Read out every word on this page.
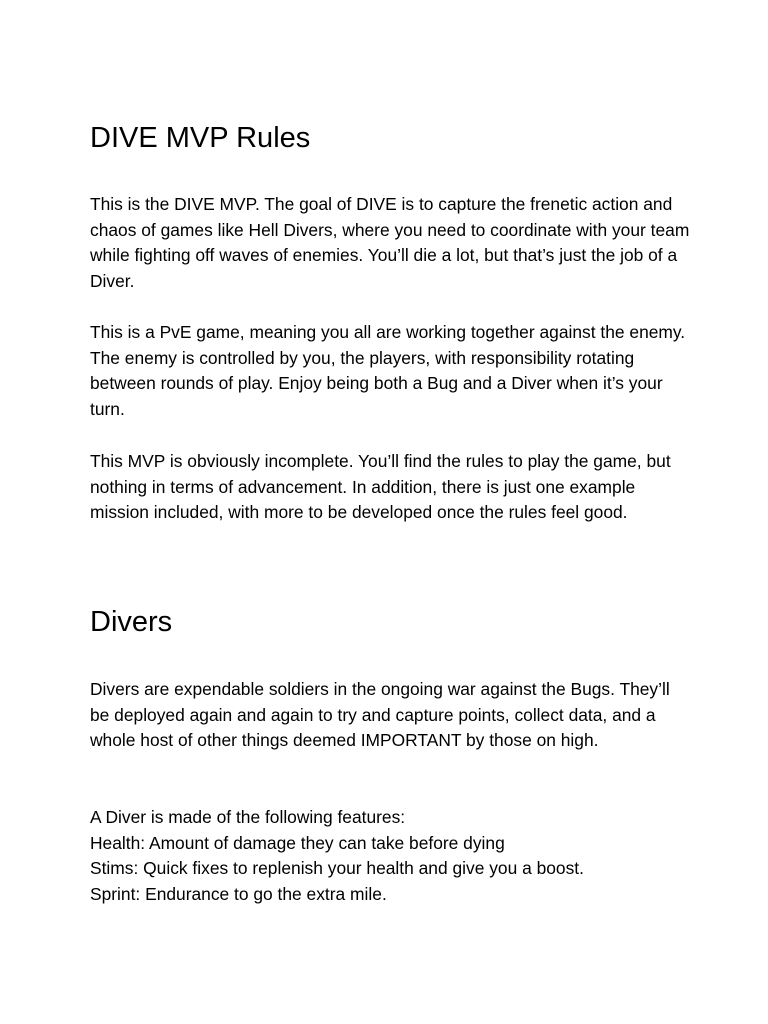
DIVE MVP Rules

This is the DIVE MVP. The goal of DIVE is to capture the frenetic action and chaos of games like Hell Divers, where you need to coordinate with your team while fighting off waves of enemies. You’ll die a lot, but that’s just the job of a Diver.

This is a PvE game, meaning you all are working together against the enemy. The enemy is controlled by you, the players, with responsibility rotating between rounds of play. Enjoy being both a Bug and a Diver when it’s your turn.

This MVP is obviously incomplete. You’ll find the rules to play the game, but nothing in terms of advancement. In addition, there is just one example mission included, with more to be developed once the rules feel good.

Divers

Divers are expendable soldiers in the ongoing war against the Bugs. They’ll be deployed again and again to try and capture points, collect data, and a whole host of other things deemed IMPORTANT by those on high.

A Diver is made of the following features:
Health: Amount of damage they can take before dying
Stims: Quick fixes to replenish your health and give you a boost.
Sprint: Endurance to go the extra mile.
